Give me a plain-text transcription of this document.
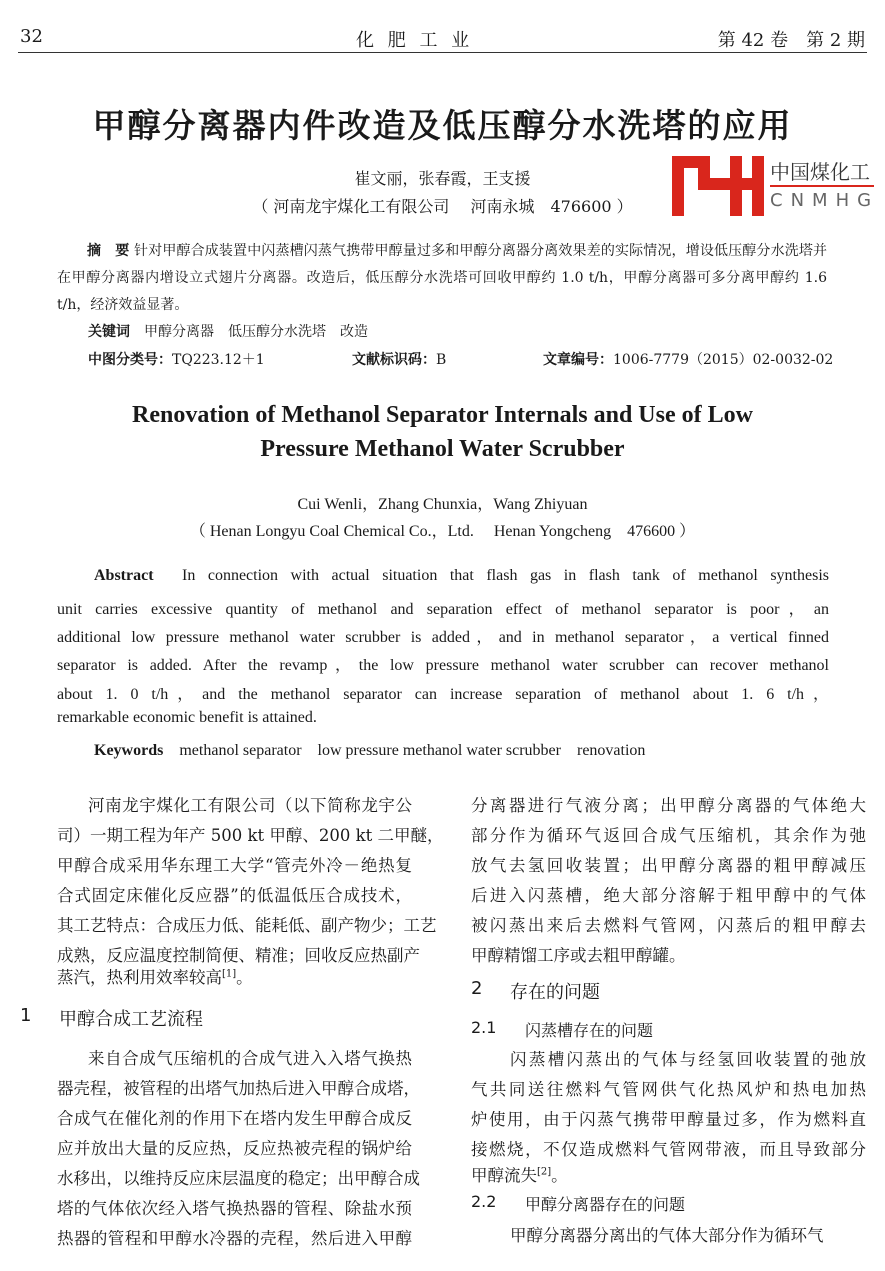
32	化 肥 工 业	第 42 卷　第 2 期
甲醇分离器内件改造及低压醇分水洗塔的应用
崔文丽，张春霞，王支援
（ 河南龙宇煤化工有限公司　 河南永城　476600 ）
摘　要 针对甲醇合成装置中闪蒸槽闪蒸气携带甲醇量过多和甲醇分离器分离效果差的实际情况，增设低压醇分水洗塔并在甲醇分离器内增设立式翅片分离器。改造后，低压醇分水洗塔可回收甲醇约 1.0 t/h，甲醇分离器可多分离甲醇约 1.6 t/h，经济效益显著。
关键词　 甲醇分离器　低压醇分水洗塔　改造
中图分类号：TQ223.12＋1	文献标识码：B	文章编号：1006-7779（2015）02-0032-02
Renovation of Methanol Separator Internals and Use of Low
Pressure Methanol Water Scrubber
Cui Wenli，Zhang Chunxia，Wang Zhiyuan
（ Henan Longyu Coal Chemical Co.，Ltd.　 Henan Yongcheng　476600 ）
Abstract In connection with actual situation that flash gas in flash tank of methanol synthesis
unit carries excessive quantity of methanol and separation effect of methanol separator is poor，an
additional low pressure methanol water scrubber is added，and in methanol separator，a vertical finned
separator is added. After the revamp，the low pressure methanol water scrubber can recover methanol
about 1. 0 t/h，and the methanol separator can increase separation of methanol about 1. 6 t/h，
remarkable economic benefit is attained.
Keywords　 methanol separator　low pressure methanol water scrubber　renovation
河南龙宇煤化工有限公司（以下简称龙宇公
司）一期工程为年产 500 kt 甲醇、200 kt 二甲醚，
甲醇合成采用华东理工大学“管壳外冷－绝热复
合式固定床催化反应器”的低温低压合成技术，
其工艺特点：合成压力低、能耗低、副产物少；工艺
成熟，反应温度控制简便、精准；回收反应热副产
蒸汽，热利用效率较高[1]。
1 甲醇合成工艺流程
来自合成气压缩机的合成气进入入塔气换热
器壳程，被管程的出塔气加热后进入甲醇合成塔，
合成气在催化剂的作用下在塔内发生甲醇合成反
应并放出大量的反应热，反应热被壳程的锅炉给
水移出，以维持反应床层温度的稳定；出甲醇合成
塔的气体依次经入塔气换热器的管程、除盐水预
热器的管程和甲醇水冷器的壳程，然后进入甲醇
分离器进行气液分离；出甲醇分离器的气体绝大
部分作为循环气返回合成气压缩机，其余作为弛
放气去氢回收装置；出甲醇分离器的粗甲醇减压
后进入闪蒸槽，绝大部分溶解于粗甲醇中的气体
被闪蒸出来后去燃料气管网，闪蒸后的粗甲醇去
甲醇精馏工序或去粗甲醇罐。
2 存在的问题
2.1 闪蒸槽存在的问题
闪蒸槽闪蒸出的气体与经氢回收装置的弛放
气共同送往燃料气管网供气化热风炉和热电加热
炉使用，由于闪蒸气携带甲醇量过多，作为燃料直
接燃烧，不仅造成燃料气管网带液，而且导致部分
甲醇流失[2]。
2.2 甲醇分离器存在的问题
甲醇分离器分离出的气体大部分作为循环气
中国煤化工
CNMHG
